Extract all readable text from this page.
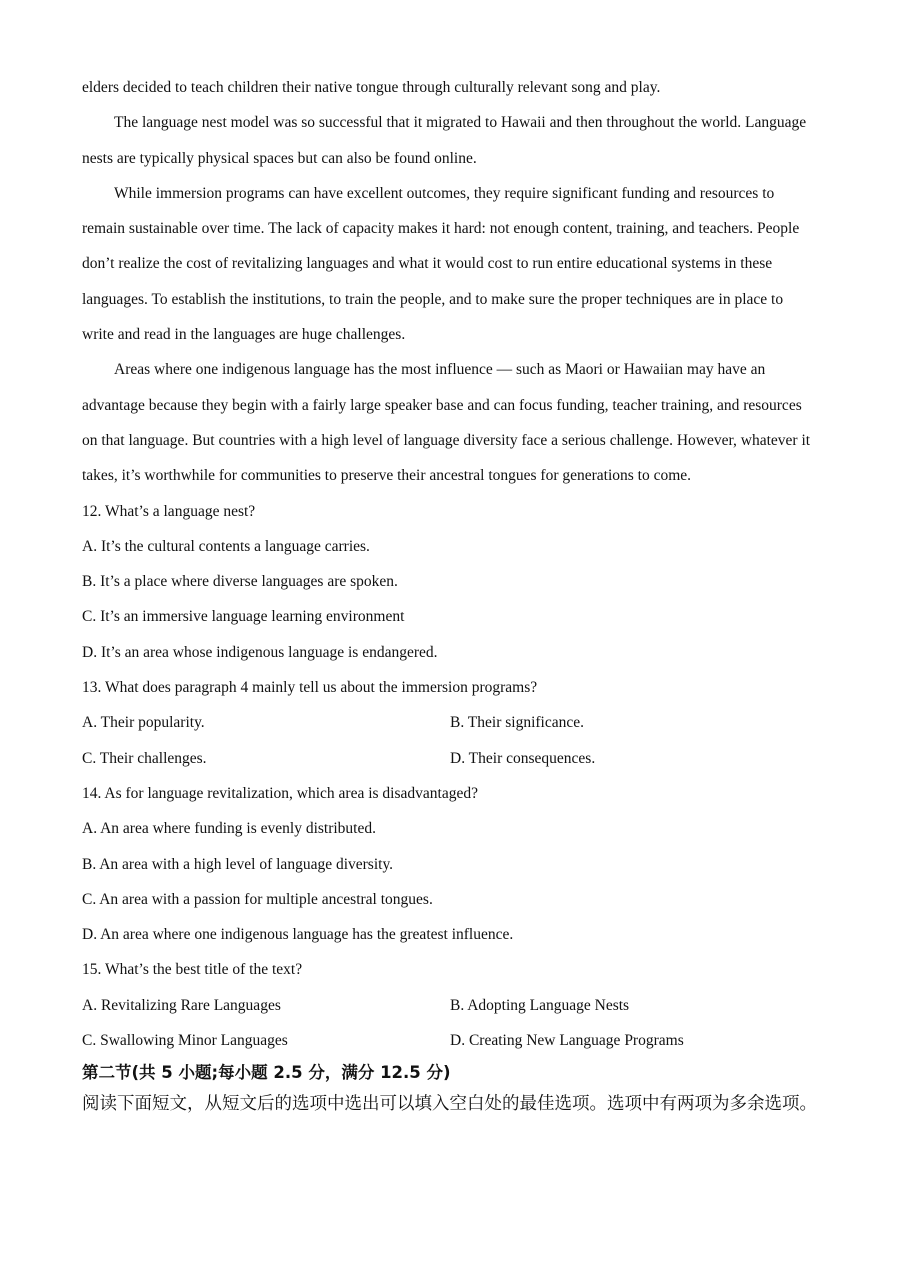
elders decided to teach children their native tongue through culturally relevant song and play.
The language nest model was so successful that it migrated to Hawaii and then throughout the world. Language
nests are typically physical spaces but can also be found online.
While immersion programs can have excellent outcomes, they require significant funding and resources to
remain sustainable over time. The lack of capacity makes it hard: not enough content, training, and teachers. People
don’t realize the cost of revitalizing languages and what it would cost to run entire educational systems in these
languages. To establish the institutions, to train the people, and to make sure the proper techniques are in place to
write and read in the languages are huge challenges.
Areas where one indigenous language has the most influence — such as Maori or Hawaiian may have an
advantage because they begin with a fairly large speaker base and can focus funding, teacher training, and resources
on that language. But countries with a high level of language diversity face a serious challenge. However, whatever it
takes, it’s worthwhile for communities to preserve their ancestral tongues for generations to come.
12. What’s a language nest?
A. It’s the cultural contents a language carries.
B. It’s a place where diverse languages are spoken.
C. It’s an immersive language learning environment
D. It’s an area whose indigenous language is endangered.
13. What does paragraph 4 mainly tell us about the immersion programs?
A. Their popularity.	B. Their significance.
C. Their challenges.	D. Their consequences.
14. As for language revitalization, which area is disadvantaged?
A. An area where funding is evenly distributed.
B. An area with a high level of language diversity.
C. An area with a passion for multiple ancestral tongues.
D. An area where one indigenous language has the greatest influence.
15. What’s the best title of the text?
A. Revitalizing Rare Languages	B. Adopting Language Nests
C. Swallowing Minor Languages	D. Creating New Language Programs
第二节(共 5 小题;每小题 2.5 分，满分 12.5 分)
阅读下面短文，从短文后的选项中选出可以填入空白处的最佳选项。选项中有两项为多余选项。
